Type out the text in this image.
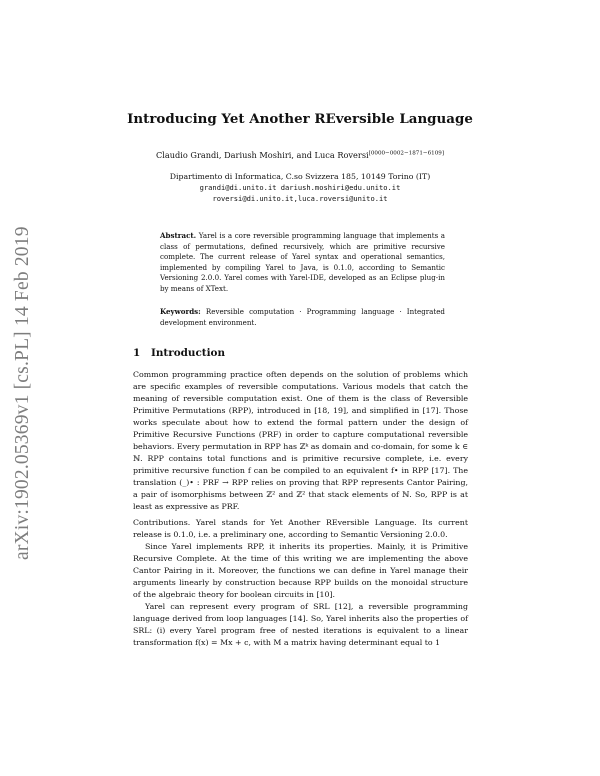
arXiv:1902.05369v1 [cs.PL] 14 Feb 2019
Introducing Yet Another REversible Language
Claudio Grandi, Dariush Moshiri, and Luca Roversi[0000−0002−1871−6109]
Dipartimento di Informatica, C.so Svizzera 185, 10149 Torino (IT)
grandi@di.unito.it dariush.moshiri@edu.unito.it
roversi@di.unito.it,luca.roversi@unito.it
Abstract. Yarel is a core reversible programming language that implements a class of permutations, defined recursively, which are primitive recursive complete. The current release of Yarel syntax and operational semantics, implemented by compiling Yarel to Java, is 0.1.0, according to Semantic Versioning 2.0.0. Yarel comes with Yarel-IDE, developed as an Eclipse plug-in by means of XText.
Keywords: Reversible computation · Programming language · Integrated development environment.
1 Introduction
Common programming practice often depends on the solution of problems which are specific examples of reversible computations. Various models that catch the meaning of reversible computation exist. One of them is the class of Reversible Primitive Permutations (RPP), introduced in [18, 19], and simplified in [17]. Those works speculate about how to extend the formal pattern under the design of Primitive Recursive Functions (PRF) in order to capture computational reversible behaviors. Every permutation in RPP has ℤᵏ as domain and co-domain, for some k ∈ ℕ. RPP contains total functions and is primitive recursive complete, i.e. every primitive recursive function f can be compiled to an equivalent f• in RPP [17]. The translation (_)• : PRF → RPP relies on proving that RPP represents Cantor Pairing, a pair of isomorphisms between ℤ² and ℤ² that stack elements of ℕ. So, RPP is at least as expressive as PRF.
Contributions. Yarel stands for Yet Another REversible Language. Its current release is 0.1.0, i.e. a preliminary one, according to Semantic Versioning 2.0.0.
Since Yarel implements RPP, it inherits its properties. Mainly, it is Primitive Recursive Complete. At the time of this writing we are implementing the above Cantor Pairing in it. Moreover, the functions we can define in Yarel manage their arguments linearly by construction because RPP builds on the monoidal structure of the algebraic theory for boolean circuits in [10].
Yarel can represent every program of SRL [12], a reversible programming language derived from loop languages [14]. So, Yarel inherits also the properties of SRL: (i) every Yarel program free of nested iterations is equivalent to a linear transformation f(x) = Mx + c, with M a matrix having determinant equal to 1
